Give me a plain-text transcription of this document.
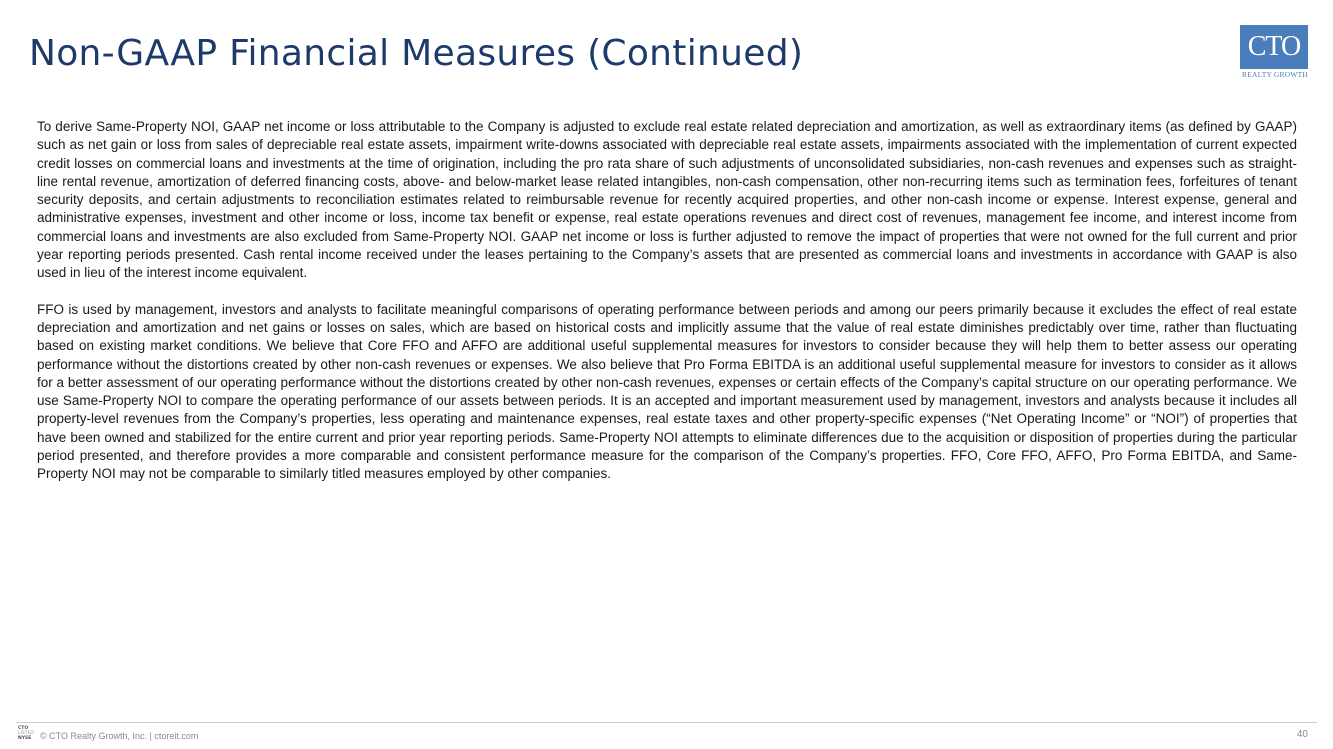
Non-GAAP Financial Measures (Continued)	CTO
REALTY GROWTH

To derive Same-Property NOI, GAAP net income or loss attributable to the Company is adjusted to exclude real estate related depreciation and amortization, as well as extraordinary items (as defined by GAAP) such as net gain or loss from sales of depreciable real estate assets, impairment write-downs associated with depreciable real estate assets, impairments associated with the implementation of current expected credit losses on commercial loans and investments at the time of origination, including the pro rata share of such adjustments of unconsolidated subsidiaries, non-cash revenues and expenses such as straight-line rental revenue, amortization of deferred financing costs, above- and below-market lease related intangibles, non-cash compensation, other non-recurring items such as termination fees, forfeitures of tenant security deposits, and certain adjustments to reconciliation estimates related to reimbursable revenue for recently acquired properties, and other non-cash income or expense. Interest expense, general and administrative expenses, investment and other income or loss, income tax benefit or expense, real estate operations revenues and direct cost of revenues, management fee income, and interest income from commercial loans and investments are also excluded from Same-Property NOI. GAAP net income or loss is further adjusted to remove the impact of properties that were not owned for the full current and prior year reporting periods presented. Cash rental income received under the leases pertaining to the Company’s assets that are presented as commercial loans and investments in accordance with GAAP is also used in lieu of the interest income equivalent.

FFO is used by management, investors and analysts to facilitate meaningful comparisons of operating performance between periods and among our peers primarily because it excludes the effect of real estate depreciation and amortization and net gains or losses on sales, which are based on historical costs and implicitly assume that the value of real estate diminishes predictably over time, rather than fluctuating based on existing market conditions. We believe that Core FFO and AFFO are additional useful supplemental measures for investors to consider because they will help them to better assess our operating performance without the distortions created by other non-cash revenues or expenses. We also believe that Pro Forma EBITDA is an additional useful supplemental measure for investors to consider as it allows for a better assessment of our operating performance without the distortions created by other non-cash revenues, expenses or certain effects of the Company’s capital structure on our operating performance. We use Same-Property NOI to compare the operating performance of our assets between periods. It is an accepted and important measurement used by management, investors and analysts because it includes all property-level revenues from the Company’s properties, less operating and maintenance expenses, real estate taxes and other property-specific expenses (“Net Operating Income” or “NOI”) of properties that have been owned and stabilized for the entire current and prior year reporting periods. Same-Property NOI attempts to eliminate differences due to the acquisition or disposition of properties during the particular period presented, and therefore provides a more comparable and consistent performance measure for the comparison of the Company’s properties. FFO, Core FFO, AFFO, Pro Forma EBITDA, and Same-Property NOI may not be comparable to similarly titled measures employed by other companies.

CTO
LISTED
NYSE © CTO Realty Growth, Inc. | ctoreit.com	40
